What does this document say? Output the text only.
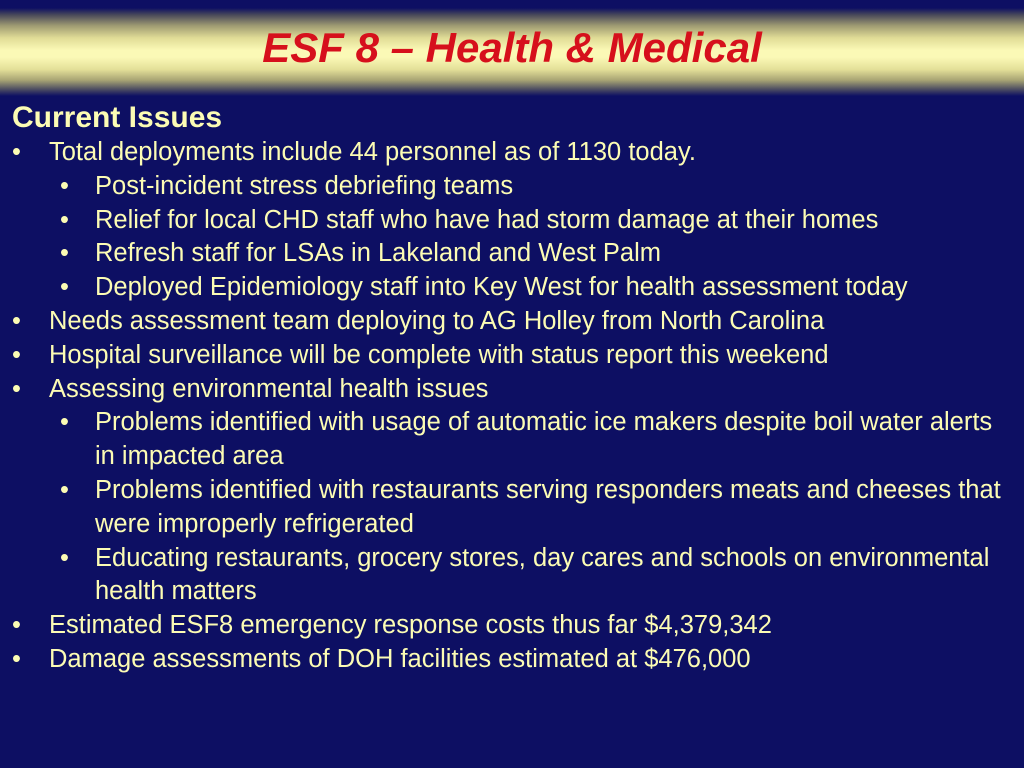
ESF 8 – Health & Medical
Current Issues
• Total deployments include 44 personnel as of 1130 today.
• Post-incident stress debriefing teams
• Relief for local CHD staff who have had storm damage at their homes
• Refresh staff for LSAs in Lakeland and West Palm
• Deployed Epidemiology staff into Key West for health assessment today
• Needs assessment team deploying to AG Holley from North Carolina
• Hospital surveillance will be complete with status report this weekend
• Assessing environmental health issues
• Problems identified with usage of automatic ice makers despite boil water alerts in impacted area
• Problems identified with restaurants serving responders meats and cheeses that were improperly refrigerated
• Educating restaurants, grocery stores, day cares and schools on environmental health matters
• Estimated ESF8 emergency response costs thus far $4,379,342
• Damage assessments of DOH facilities estimated at $476,000
